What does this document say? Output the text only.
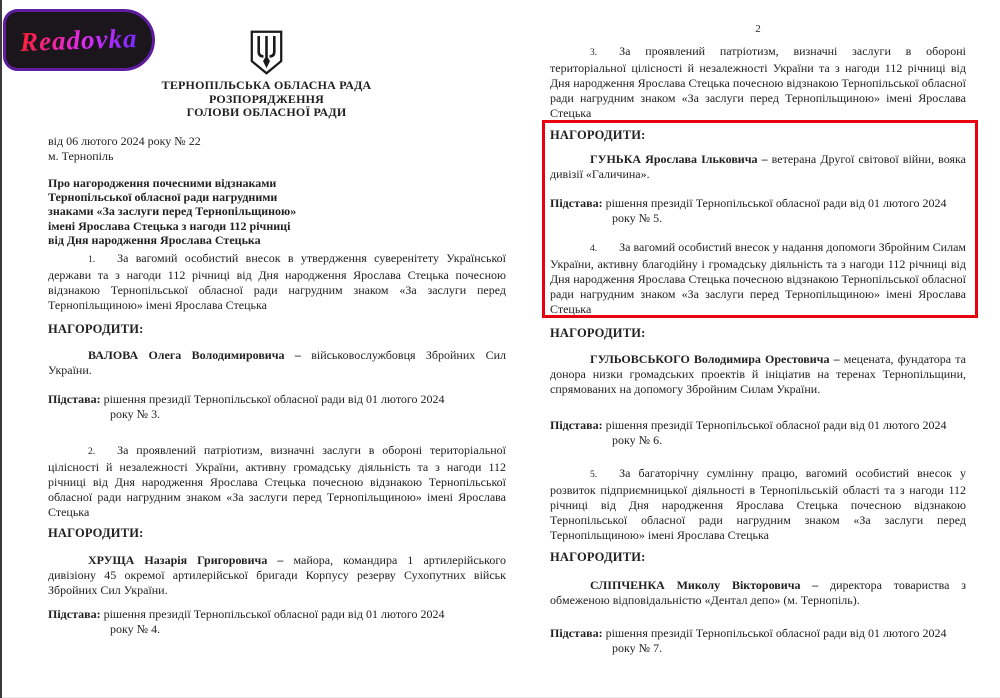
Readovka
ТЕРНОПІЛЬСЬКА ОБЛАСНА РАДА
РОЗПОРЯДЖЕННЯ
ГОЛОВИ ОБЛАСНОЇ РАДИ
від 06 лютого 2024 року № 22
м. Тернопіль
Про нагородження почесними відзнаками
Тернопільської обласної ради нагрудними
знаками «За заслуги перед Тернопільщиною»
імені Ярослава Стецька з нагоди 112 річниці
від Дня народження Ярослава Стецька
1. За вагомий особистий внесок в утвердження суверенітету Української держави та з нагоди 112 річниці від Дня народження Ярослава Стецька почесною відзнакою Тернопільської обласної ради нагрудним знаком «За заслуги перед Тернопільщиною» імені Ярослава Стецька
НАГОРОДИТИ:
ВАЛОВА Олега Володимировича – військовослужбовця Збройних Сил України.
Підстава: рішення президії Тернопільської обласної ради від 01 лютого 2024
року № 3.
2. За проявлений патріотизм, визначні заслуги в обороні територіальної цілісності й незалежності України, активну громадську діяльність та з нагоди 112 річниці від Дня народження Ярослава Стецька почесною відзнакою Тернопільської обласної ради нагрудним знаком «За заслуги перед Тернопільщиною» імені Ярослава Стецька
НАГОРОДИТИ:
ХРУЩА Назарія Григоровича – майора, командира 1 артилерійського дивізіону 45 окремої артилерійської бригади Корпусу резерву Сухопутних військ Збройних Сил України.
Підстава: рішення президії Тернопільської обласної ради від 01 лютого 2024
року № 4.
2
3. За проявлений патріотизм, визначні заслуги в обороні територіальної цілісності й незалежності України та з нагоди 112 річниці від Дня народження Ярослава Стецька почесною відзнакою Тернопільської обласної ради нагрудним знаком «За заслуги перед Тернопільщиною» імені Ярослава Стецька
НАГОРОДИТИ:
ГУНЬКА Ярослава Ільковича – ветерана Другої світової війни, вояка дивізії «Галичина».
Підстава: рішення президії Тернопільської обласної ради від 01 лютого 2024
року № 5.
4. За вагомий особистий внесок у надання допомоги Збройним Силам України, активну благодійну і громадську діяльність та з нагоди 112 річниці від Дня народження Ярослава Стецька почесною відзнакою Тернопільської обласної ради нагрудним знаком «За заслуги перед Тернопільщиною» імені Ярослава Стецька
НАГОРОДИТИ:
ГУЛЬОВСЬКОГО Володимира Орестовича – мецената, фундатора та донора низки громадських проектів й ініціатив на теренах Тернопільщини, спрямованих на допомогу Збройним Силам України.
Підстава: рішення президії Тернопільської обласної ради від 01 лютого 2024
року № 6.
5. За багаторічну сумлінну працю, вагомий особистий внесок у розвиток підприємницької діяльності в Тернопільській області та з нагоди 112 річниці від Дня народження Ярослава Стецька почесною відзнакою Тернопільської обласної ради нагрудним знаком «За заслуги перед Тернопільщиною» імені Ярослава Стецька
НАГОРОДИТИ:
СЛІПЧЕНКА Миколу Вікторовича – директора товариства з обмеженою відповідальністю «Дентал депо» (м. Тернопіль).
Підстава: рішення президії Тернопільської обласної ради від 01 лютого 2024
року № 7.
